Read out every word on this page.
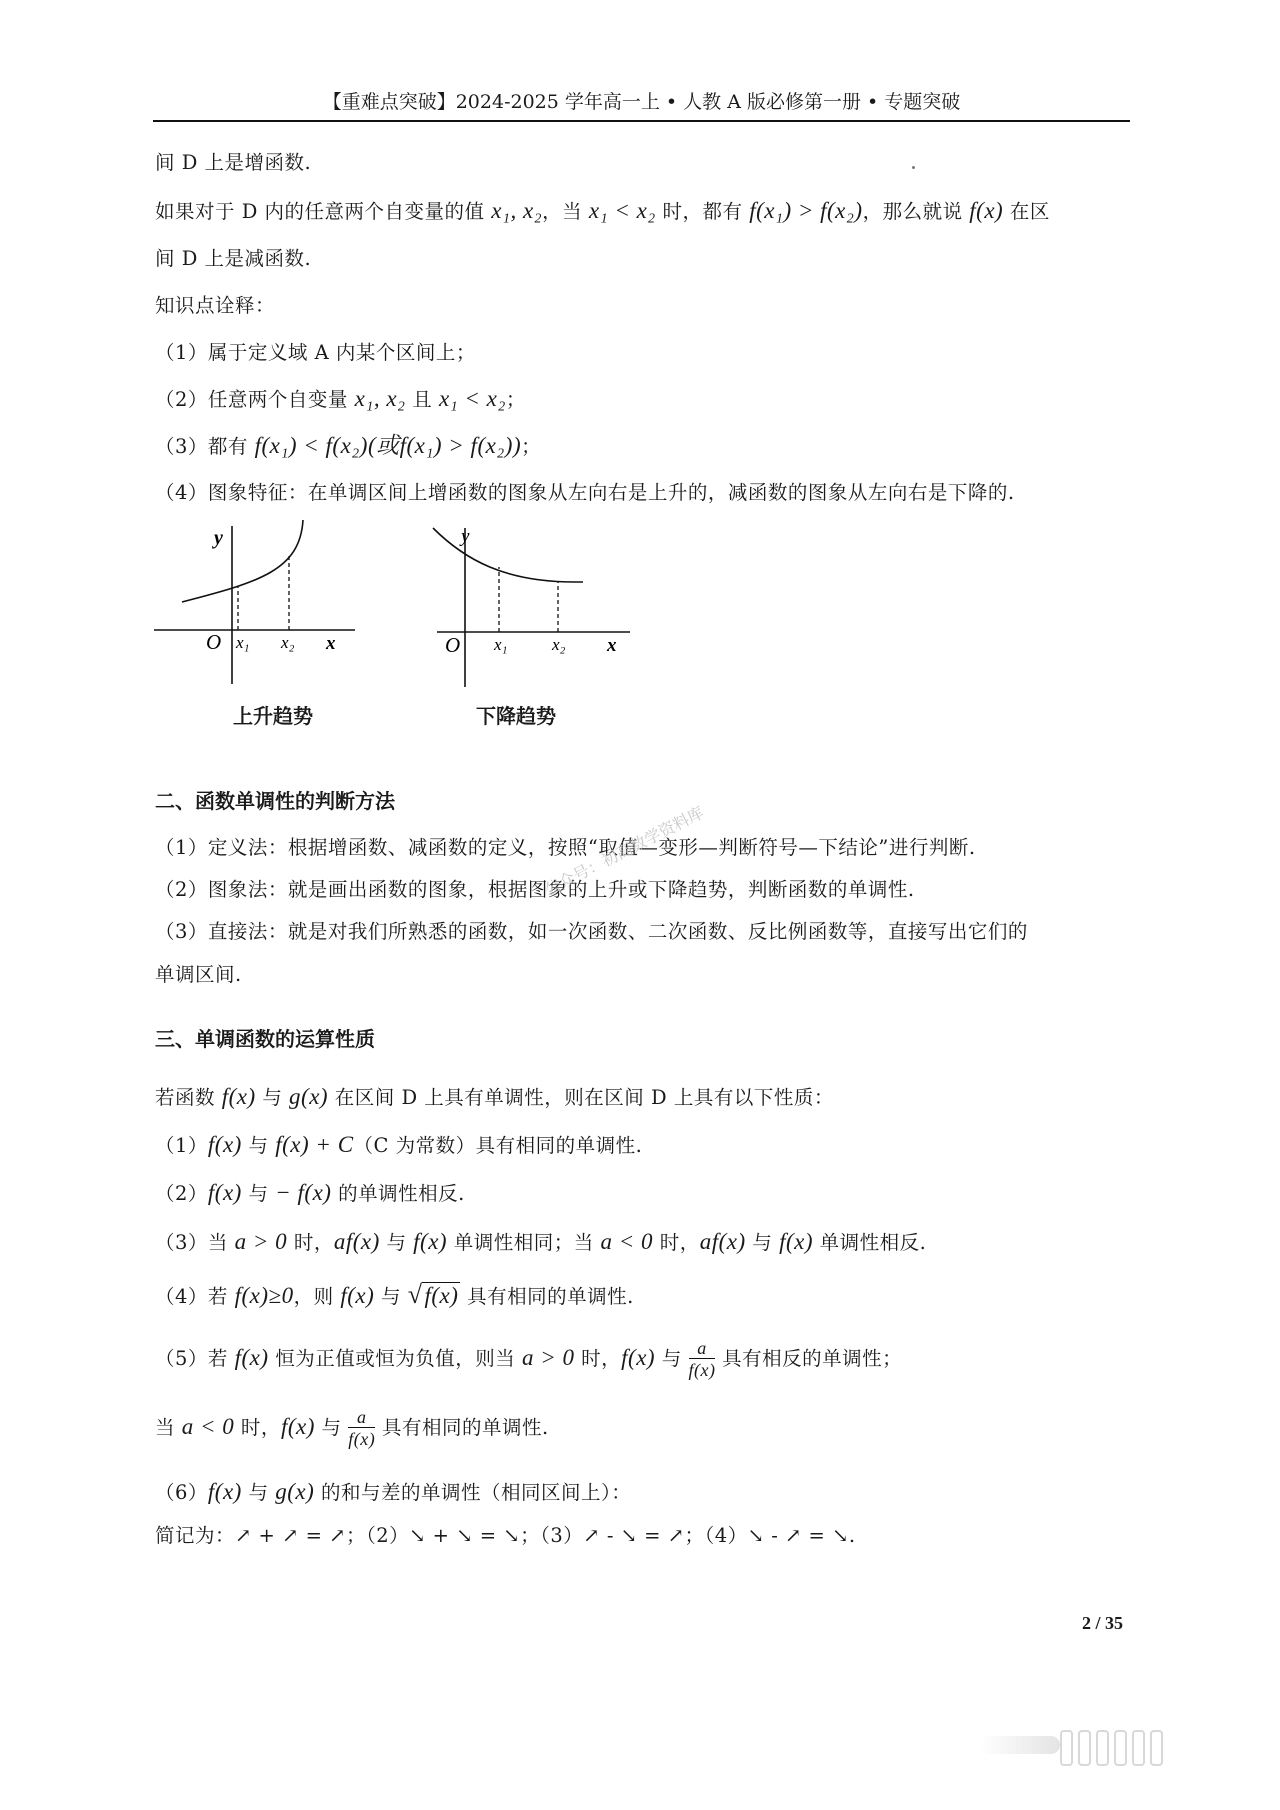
【重难点突破】2024-2025 学年高一上 • 人教 A 版必修第一册 • 专题突破
间 D 上是增函数.
如果对于 D 内的任意两个自变量的值 x₁, x₂，当 x₁ < x₂ 时，都有 f(x₁) > f(x₂)，那么就说 f(x) 在区
间 D 上是减函数.
知识点诠释：
（1）属于定义域 A 内某个区间上；
（2）任意两个自变量 x₁, x₂ 且 x₁ < x₂；
（3）都有 f(x₁) < f(x₂)(或f(x₁) > f(x₂))；
（4）图象特征：在单调区间上增函数的图象从左向右是上升的，减函数的图象从左向右是下降的.
y
O x₁ x₂ x
上升趋势
y
O x₁	x₂ x
下降趋势
二、函数单调性的判断方法
（1）定义法：根据增函数、减函数的定义，按照“取值—变形—判断符号—下结论”进行判断.
（2）图象法：就是画出函数的图象，根据图象的上升或下降趋势，判断函数的单调性.
（3）直接法：就是对我们所熟悉的函数，如一次函数、二次函数、反比例函数等，直接写出它们的
单调区间.
公众号：初高数学资料库
三、单调函数的运算性质
若函数 f(x) 与 g(x) 在区间 D 上具有单调性，则在区间 D 上具有以下性质：
（1）f(x) 与 f(x) + C（C 为常数）具有相同的单调性.
（2）f(x) 与 − f(x) 的单调性相反.
（3）当 a > 0 时，af(x) 与 f(x) 单调性相同；当 a < 0 时，af(x) 与 f(x) 单调性相反.
（4）若 f(x)≥0，则 f(x) 与 √f(x) 具有相同的单调性.
（5）若 f(x) 恒为正值或恒为负值，则当 a > 0 时，f(x) 与 $\frac{a}{f(x)}$ 具有相反的单调性；
当 a < 0 时，f(x) 与 $\frac{a}{f(x)}$ 具有相同的单调性.
（6）f(x) 与 g(x) 的和与差的单调性（相同区间上）：
简记为：↗ + ↗ = ↗；（2）↘ + ↘ = ↘；（3）↗ - ↘ = ↗；（4）↘ - ↗ = ↘.
2 / 35
